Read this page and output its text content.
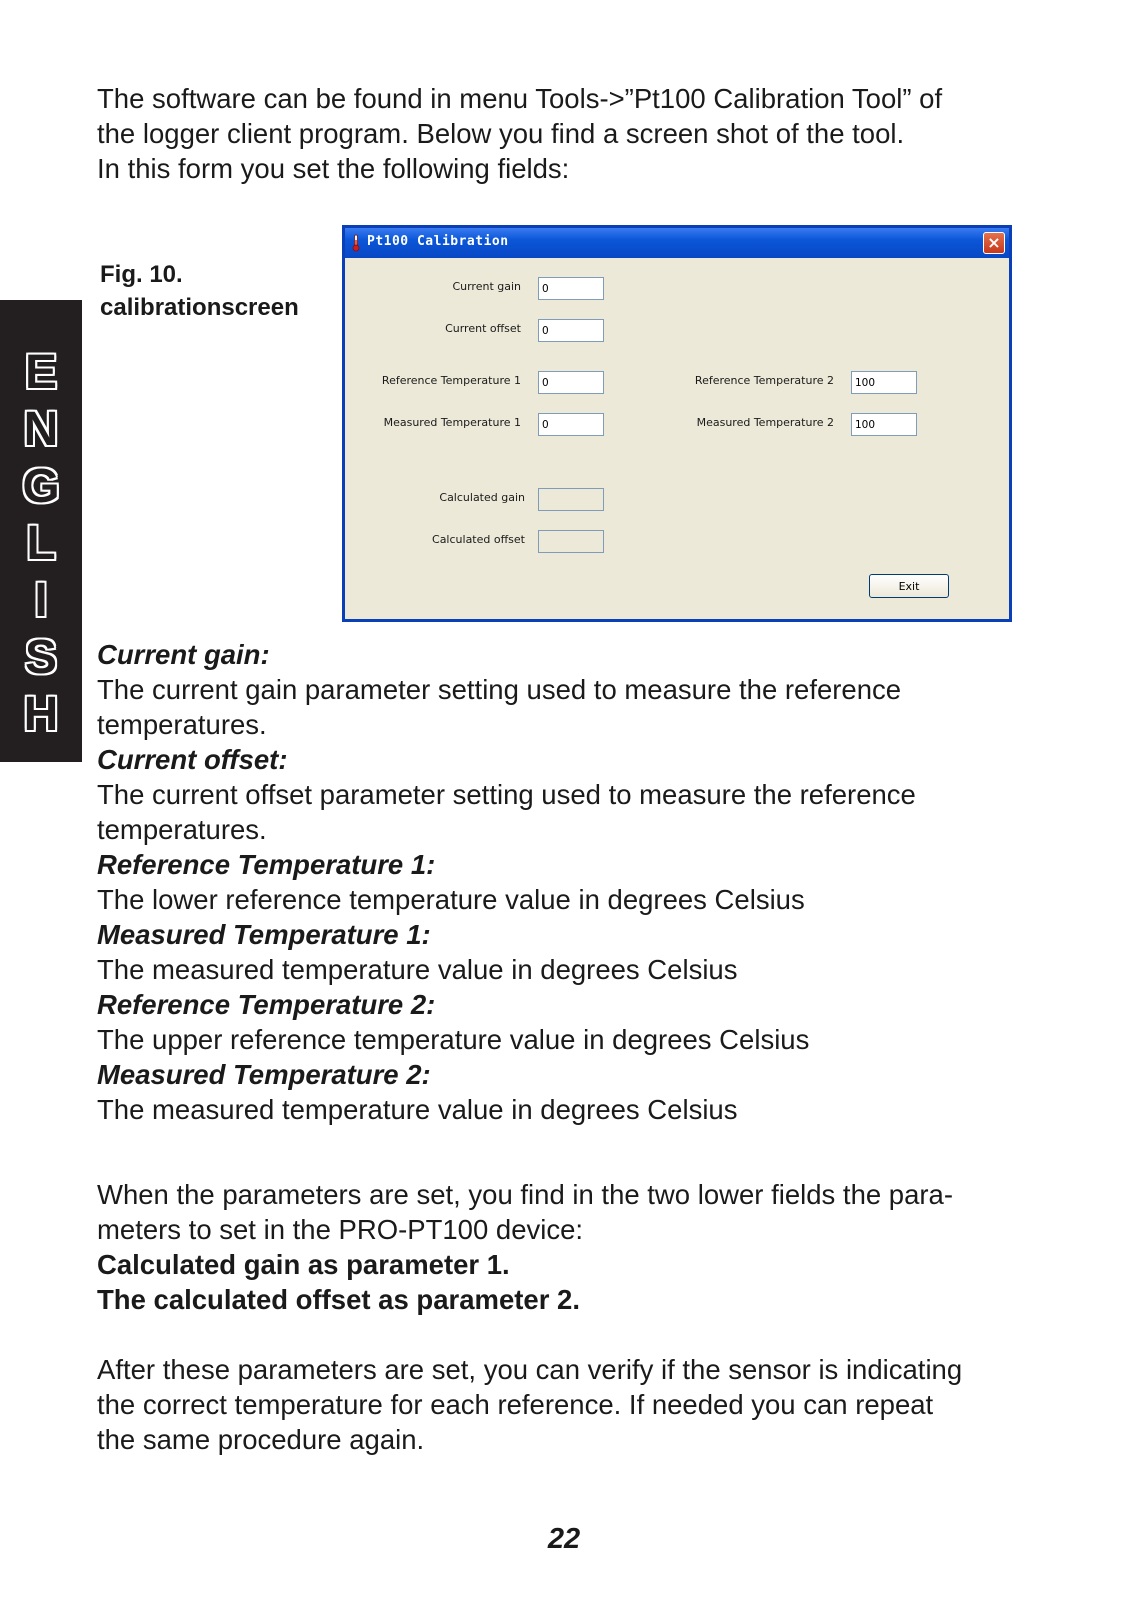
E
N
G
L
I
S
H
The software can be found in menu Tools->”Pt100 Calibration Tool” of
the logger client program. Below you find a screen shot of the tool.
In this form you set the following fields:
Fig. 10.
calibrationscreen
Pt100 Calibration	×
Current gain
0
Current offset
0
Reference Temperature 1
0
Measured Temperature 1
0
Reference Temperature 2
100
Measured Temperature 2
100
Calculated gain
Calculated offset
Exit
Current gain:
The current gain parameter setting used to measure the reference
temperatures.
Current offset:
The current offset parameter setting used to measure the reference
temperatures.
Reference Temperature 1:
The lower reference temperature value in degrees Celsius
Measured Temperature 1:
The measured temperature value in degrees Celsius
Reference Temperature 2:
The upper reference temperature value in degrees Celsius
Measured Temperature 2:
The measured temperature value in degrees Celsius
When the parameters are set, you find in the two lower fields the para-
meters to set in the PRO-PT100 device:
Calculated gain as parameter 1.
The calculated offset as parameter 2.
After these parameters are set, you can verify if the sensor is indicating
the correct temperature for each reference. If needed you can repeat
the same procedure again.
22
